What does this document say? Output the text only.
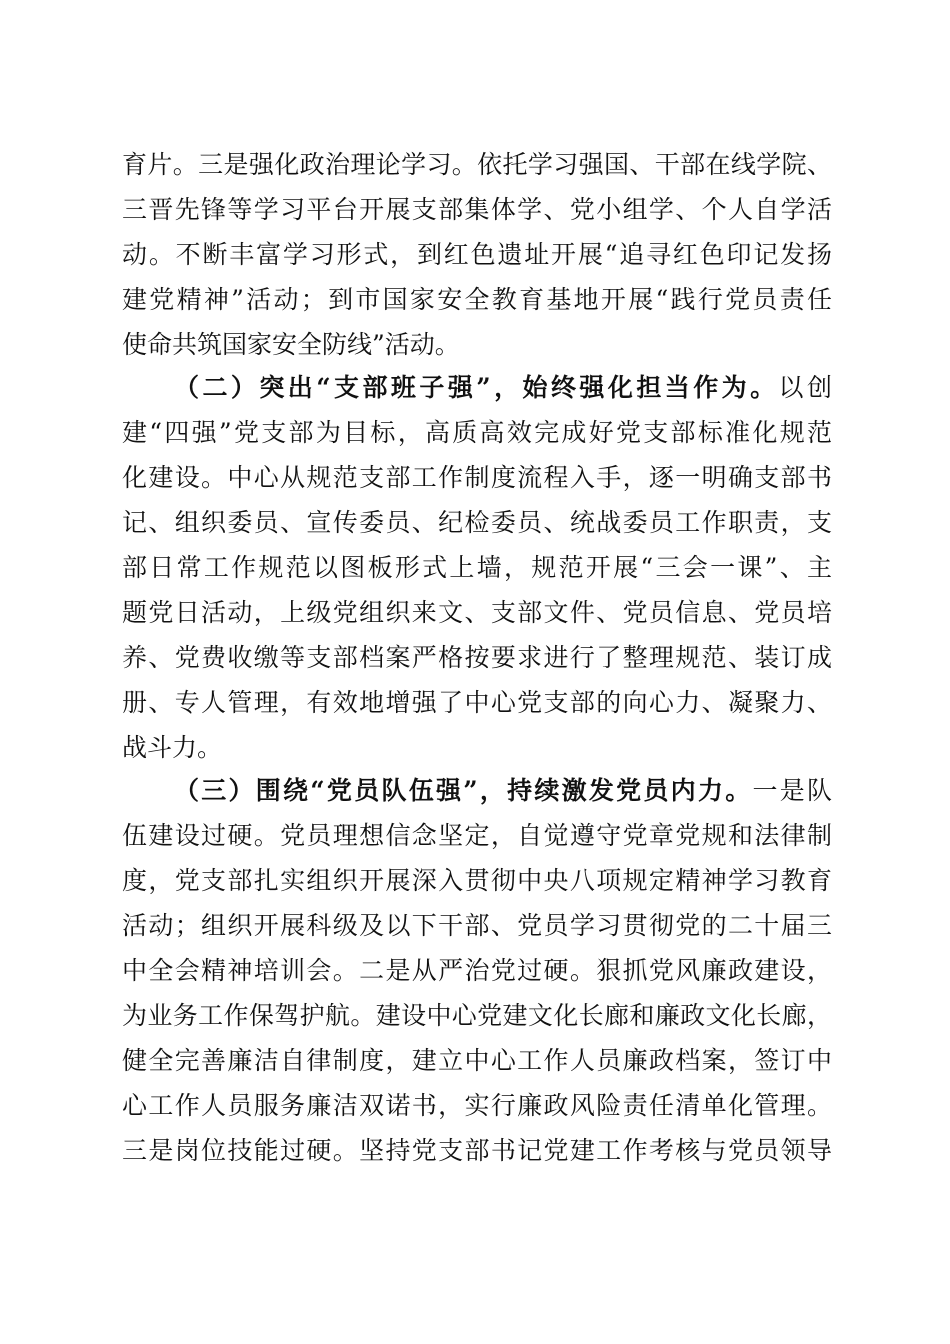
育片。三是强化政治理论学习。依托学习强国、干部在线学院、
三晋先锋等学习平台开展支部集体学、党小组学、个人自学活
动。不断丰富学习形式，到红色遗址开展“追寻红色印记发扬
建党精神”活动；到市国家安全教育基地开展“践行党员责任
使命共筑国家安全防线”活动。
（二）突出“支部班子强”，始终强化担当作为。以创
建“四强”党支部为目标，高质高效完成好党支部标准化规范
化建设。中心从规范支部工作制度流程入手，逐一明确支部书
记、组织委员、宣传委员、纪检委员、统战委员工作职责，支
部日常工作规范以图板形式上墙，规范开展“三会一课”、主
题党日活动，上级党组织来文、支部文件、党员信息、党员培
养、党费收缴等支部档案严格按要求进行了整理规范、装订成
册、专人管理，有效地增强了中心党支部的向心力、凝聚力、
战斗力。
（三）围绕“党员队伍强”，持续激发党员内力。一是队
伍建设过硬。党员理想信念坚定，自觉遵守党章党规和法律制
度，党支部扎实组织开展深入贯彻中央八项规定精神学习教育
活动；组织开展科级及以下干部、党员学习贯彻党的二十届三
中全会精神培训会。二是从严治党过硬。狠抓党风廉政建设，
为业务工作保驾护航。建设中心党建文化长廊和廉政文化长廊，
健全完善廉洁自律制度，建立中心工作人员廉政档案，签订中
心工作人员服务廉洁双诺书，实行廉政风险责任清单化管理。
三是岗位技能过硬。坚持党支部书记党建工作考核与党员领导
